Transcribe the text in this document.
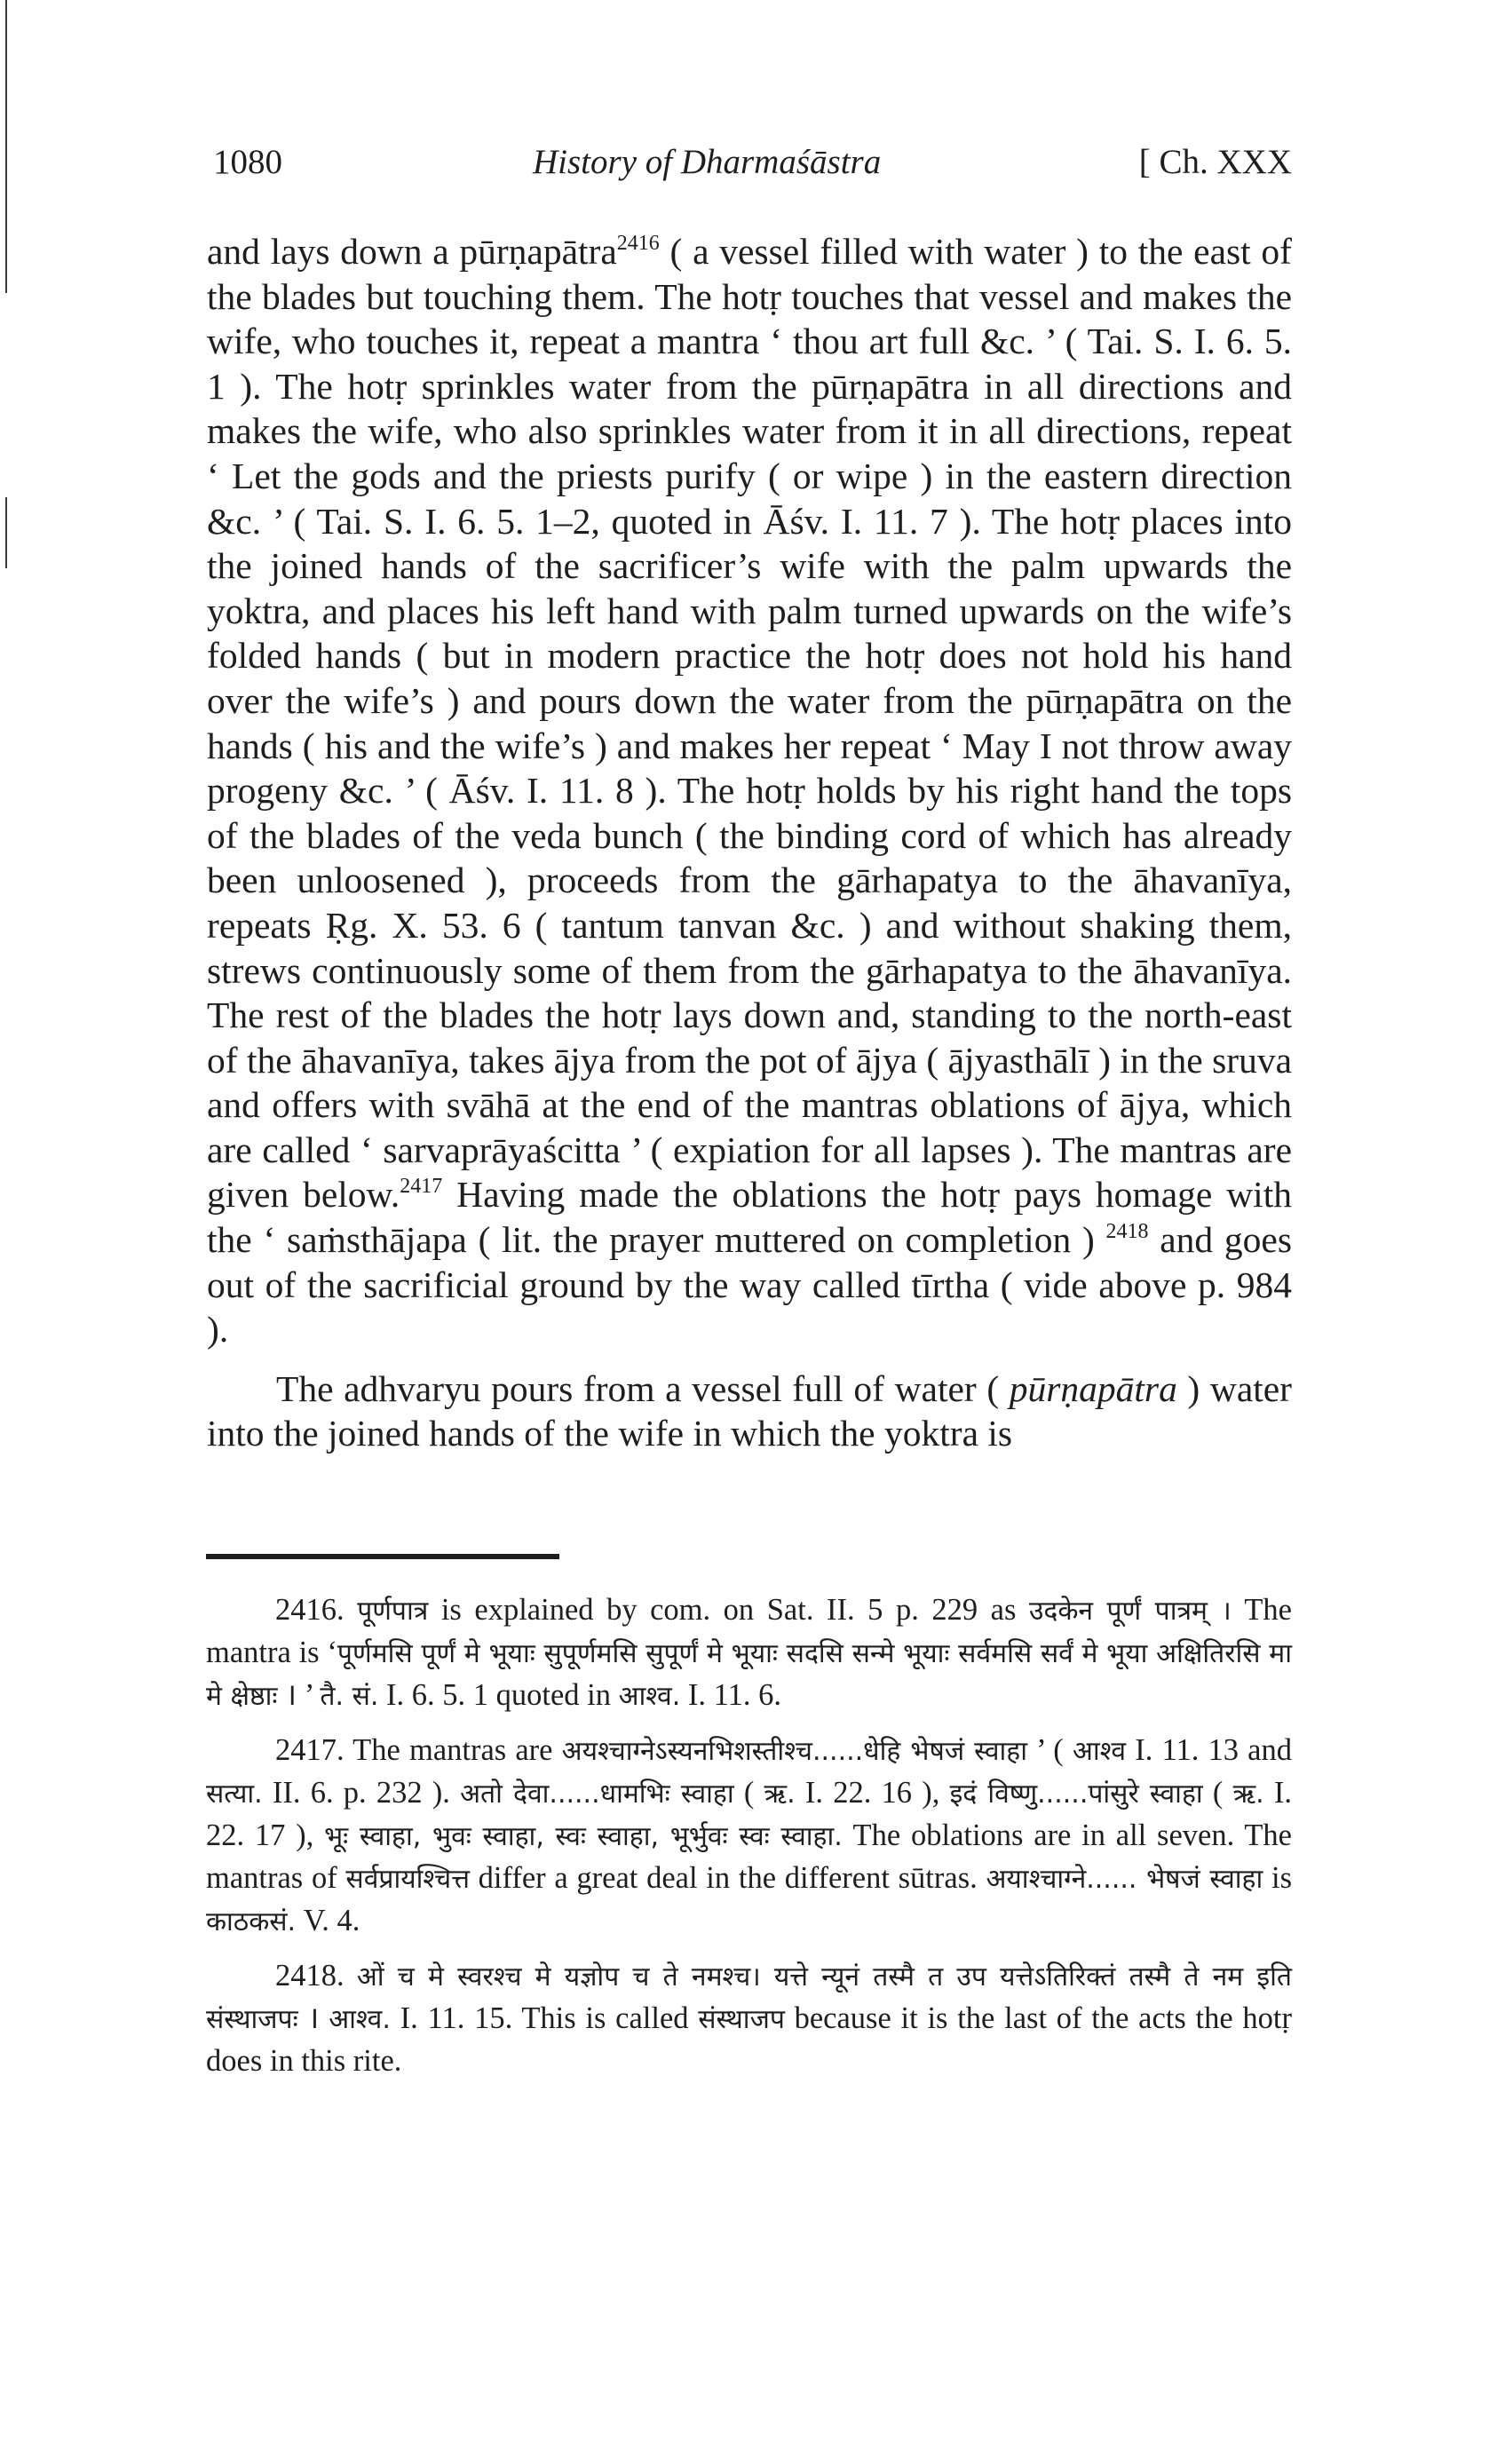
1080	History of Dharmaśāstra	[ Ch. XXX

and lays down a pūrṇapātra$^{2416}$ ( a vessel filled with water ) to the east of the blades but touching them. The hotṛ touches that vessel and makes the wife, who touches it, repeat a mantra ‘ thou art full &c. ’ ( Tai. S. I. 6. 5. 1 ). The hotṛ sprinkles water from the pūrṇapātra in all directions and makes the wife, who also sprinkles water from it in all directions, repeat ‘ Let the gods and the priests purify ( or wipe ) in the eastern direction &c. ’ ( Tai. S. I. 6. 5. 1–2, quoted in Āśv. I. 11. 7 ). The hotṛ places into the joined hands of the sacrificer’s wife with the palm upwards the yoktra, and places his left hand with palm turned upwards on the wife’s folded hands ( but in modern practice the hotṛ does not hold his hand over the wife’s ) and pours down the water from the pūrṇapātra on the hands ( his and the wife’s ) and makes her repeat ‘ May I not throw away progeny &c. ’ ( Āśv. I. 11. 8 ). The hotṛ holds by his right hand the tops of the blades of the veda bunch ( the binding cord of which has already been unloosened ), proceeds from the gārhapatya to the āhavanīya, repeats Ṛg. X. 53. 6 ( tantum tanvan &c. ) and without shaking them, strews continuously some of them from the gārhapatya to the āhavanīya. The rest of the blades the hotṛ lays down and, standing to the north-east of the āhavanīya, takes ājya from the pot of ājya ( ājyasthālī ) in the sruva and offers with svāhā at the end of the mantras oblations of ājya, which are called ‘ sarvaprāyaścitta ’ ( expiation for all lapses ). The mantras are given below.$^{2417}$ Having made the oblations the hotṛ pays homage with the ‘ saṁsthājapa ( lit. the prayer muttered on completion ) $^{2418}$ and goes out of the sacrificial ground by the way called tīrtha ( vide above p. 984 ).

The adhvaryu pours from a vessel full of water ( pūrṇapātra ) water into the joined hands of the wife in which the yoktra is

2416. पूर्णपात्र is explained by com. on Sat. II. 5 p. 229 as उदकेन पूर्णं पात्रम् । The mantra is ‘पूर्णमसि पूर्णं मे भूयाः सुपूर्णमसि सुपूर्णं मे भूयाः सदसि सन्मे भूयाः सर्वमसि सर्वं मे भूया अक्षितिरसि मा मे क्षेष्ठाः । ’ तै. सं. I. 6. 5. 1 quoted in आश्व. I. 11. 6.

2417. The mantras are अयश्चाग्नेऽस्यनभिशस्तीश्च......धेहि भेषजं स्वाहा ’ ( आश्व I. 11. 13 and सत्या. II. 6. p. 232 ). अतो देवा......धामभिः स्वाहा ( ऋ. I. 22. 16 ), इदं विष्णु......पांसुरे स्वाहा ( ऋ. I. 22. 17 ), भूः स्वाहा, भुवः स्वाहा, स्वः स्वाहा, भूर्भुवः स्वः स्वाहा. The oblations are in all seven. The mantras of सर्वप्रायश्चित्त differ a great deal in the different sūtras. अयाश्चाग्ने...... भेषजं स्वाहा is काठकसं. V. 4.

2418. ओं च मे स्वरश्च मे यज्ञोप च ते नमश्च। यत्ते न्यूनं तस्मै त उप यत्तेऽतिरिक्तं तस्मै ते नम इति संस्थाजपः । आश्व. I. 11. 15. This is called संस्थाजप because it is the last of the acts the hotṛ does in this rite.
